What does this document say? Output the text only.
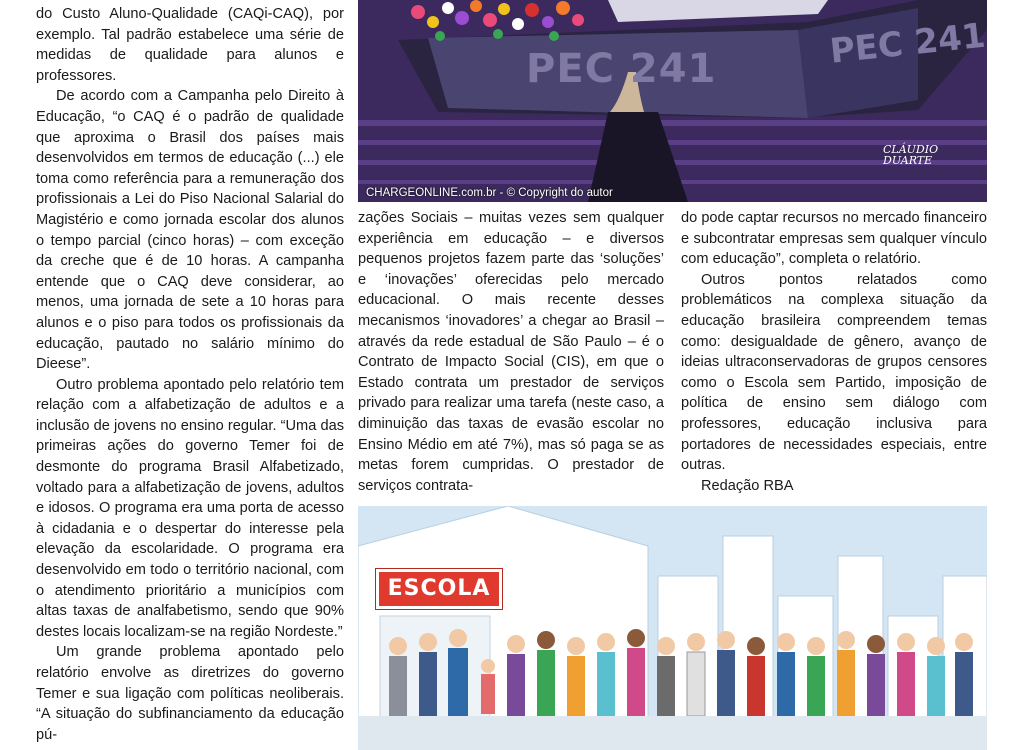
do Custo Aluno-Qualidade (CAQi-CAQ), por exemplo. Tal padrão estabelece uma série de medidas de qualidade para alunos e professores.

De acordo com a Campanha pelo Direito à Educação, “o CAQ é o padrão de qualidade que aproxima o Brasil dos países mais desenvolvidos em termos de educação (...) ele toma como referência para a remuneração dos profissionais a Lei do Piso Nacional Salarial do Magistério e como jornada escolar dos alunos o tempo parcial (cinco horas) – com exceção da creche que é de 10 horas. A campanha entende que o CAQ deve considerar, ao menos, uma jornada de sete a 10 horas para alunos e o piso para todos os profissionais da educação, pautado no salário mínimo do Dieese”.

Outro problema apontado pelo relatório tem relação com a alfabetização de adultos e a inclusão de jovens no ensino regular. “Uma das primeiras ações do governo Temer foi de desmonte do programa Brasil Alfabetizado, voltado para a alfabetização de jovens, adultos e idosos. O programa era uma porta de acesso à cidadania e o despertar do interesse pela elevação da escolaridade. O programa era desenvolvido em todo o território nacional, com o atendimento prioritário a municípios com altas taxas de analfabetismo, sendo que 90% destes locais localizam-se na região Nordeste.”

Um grande problema apontado pelo relatório envolve as diretrizes do governo Temer e sua ligação com políticas neoliberais. “A situação do subfinanciamento da educação pú-

PEC 241	PEC 241
CLÁUDIO DUARTE
CHARGEONLINE.com.br - © Copyright do autor

zações Sociais – muitas vezes sem qualquer experiência em educação – e diversos pequenos projetos fazem parte das ‘soluções’ e ‘inovações’ oferecidas pelo mercado educacional. O mais recente desses mecanismos ‘inovadores’ a chegar ao Brasil – através da rede estadual de São Paulo – é o Contrato de Impacto Social (CIS), em que o Estado contrata um prestador de serviços privado para realizar uma tarefa (neste caso, a diminuição das taxas de evasão escolar no Ensino Médio em até 7%), mas só paga se as metas forem cumpridas. O prestador de serviços contrata-

do pode captar recursos no mercado financeiro e subcontratar empresas sem qualquer vínculo com educação”, completa o relatório.

Outros pontos relatados como problemáticos na complexa situação da educação brasileira compreendem temas como: desigualdade de gênero, avanço de ideias ultraconservadoras de grupos censores como o Escola sem Partido, imposição de política de ensino sem diálogo com professores, educação inclusiva para portadores de necessidades especiais, entre outras.

Redação RBA

ESCOLA
